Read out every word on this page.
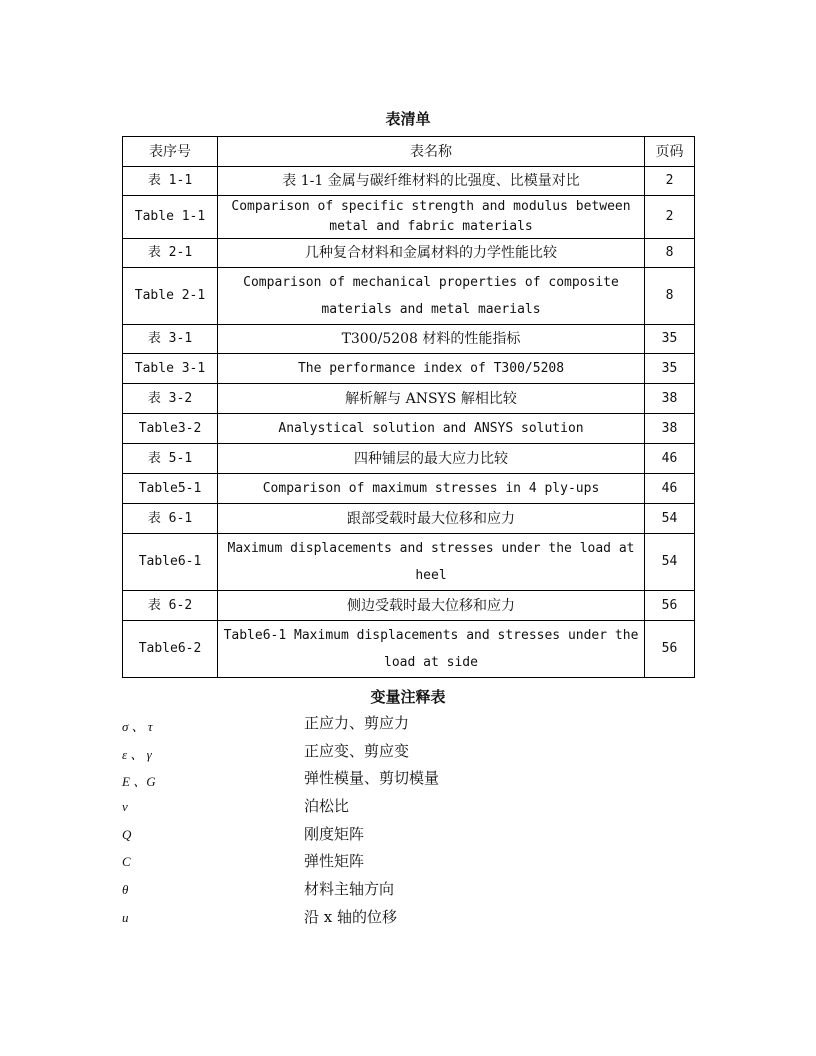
表清单
表序号	表名称	页码
表 1-1	表 1-1 金属与碳纤维材料的比强度、比模量对比	2
Table 1-1	Comparison of specific strength and modulus between metal and fabric materials	2
表 2-1	几种复合材料和金属材料的力学性能比较	8
Table 2-1	Comparison of mechanical properties of composite materials and metal maerials	8
表 3-1	T300/5208 材料的性能指标	35
Table 3-1	The performance index of T300/5208	35
表 3-2	解析解与 ANSYS 解相比较	38
Table3-2	Analystical solution and ANSYS solution	38
表 5-1	四种铺层的最大应力比较	46
Table5-1	Comparison of maximum stresses in 4 ply-ups	46
表 6-1	跟部受载时最大位移和应力	54
Table6-1	Maximum displacements and stresses under the load at heel	54
表 6-2	侧边受载时最大位移和应力	56
Table6-2	Table6-1 Maximum displacements and stresses under the load at side	56
变量注释表
σ 、 τ	正应力、剪应力
ε 、 γ	正应变、剪应变
E 、G	弹性模量、剪切模量
v	泊松比
Q	刚度矩阵
C	弹性矩阵
θ	材料主轴方向
u	沿 x 轴的位移
